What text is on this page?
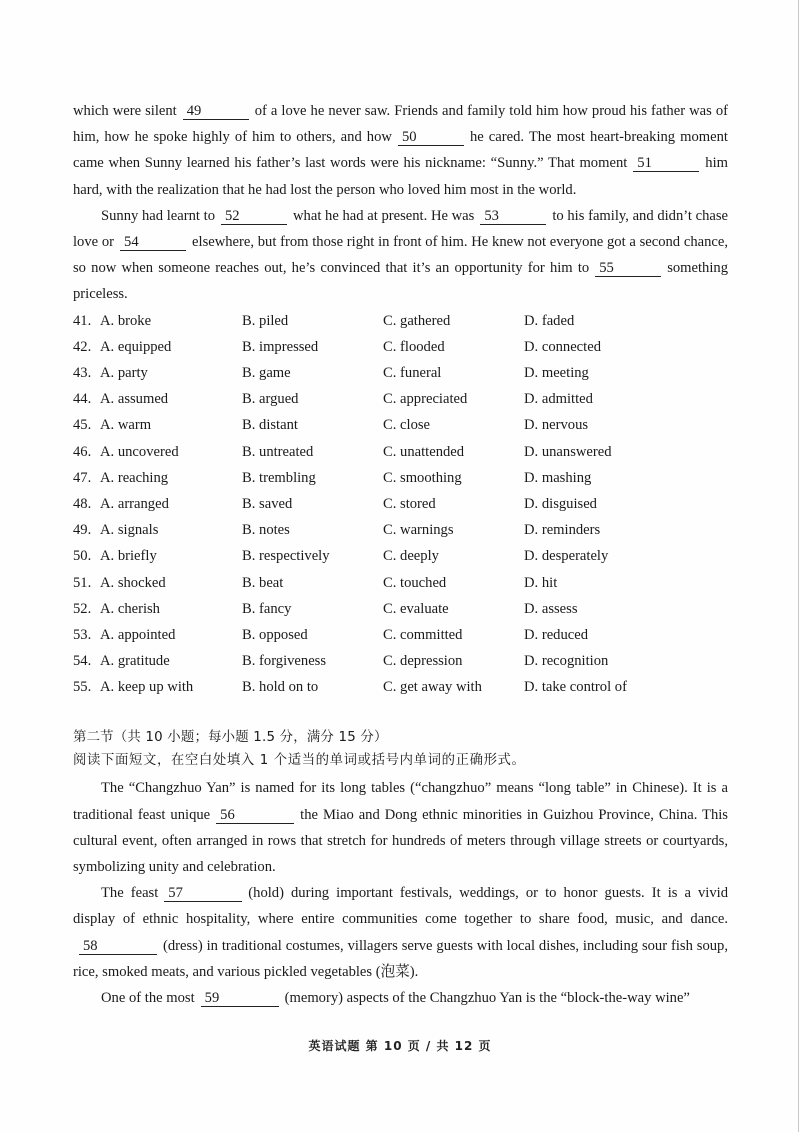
which were silent 49	of a love he never saw. Friends and family told him how proud his father was of him, how he spoke highly of him to others, and how 50	he cared. The most heart-breaking moment came when Sunny learned his father’s last words were his nickname: “Sunny.” That moment 51	him hard, with the realization that he had lost the person who loved him most in the world.

Sunny had learnt to 52	what he had at present. He was 53	to his family, and didn’t chase love or 54	elsewhere, but from those right in front of him. He knew not everyone got a second chance, so now when someone reaches out, he’s convinced that it’s an opportunity for him to 55	something priceless.

41. A. broke	B. piled	C. gathered	D. faded
42. A. equipped	B. impressed	C. flooded	D. connected
43. A. party	B. game	C. funeral	D. meeting
44. A. assumed	B. argued	C. appreciated	D. admitted
45. A. warm	B. distant	C. close	D. nervous
46. A. uncovered	B. untreated	C. unattended	D. unanswered
47. A. reaching	B. trembling	C. smoothing	D. mashing
48. A. arranged	B. saved	C. stored	D. disguised
49. A. signals	B. notes	C. warnings	D. reminders
50. A. briefly	B. respectively	C. deeply	D. desperately
51. A. shocked	B. beat	C. touched	D. hit
52. A. cherish	B. fancy	C. evaluate	D. assess
53. A. appointed	B. opposed	C. committed	D. reduced
54. A. gratitude	B. forgiveness	C. depression	D. recognition
55. A. keep up with	B. hold on to	C. get away with	D. take control of
第二节（共 10 小题；每小题 1.5 分，满分 15 分）
阅读下面短文，在空白处填入 1 个适当的单词或括号内单词的正确形式。

The “Changzhuo Yan” is named for its long tables (“changzhuo” means “long table” in Chinese). It is a traditional feast unique 56	the Miao and Dong ethnic minorities in Guizhou Province, China. This cultural event, often arranged in rows that stretch for hundreds of meters through village streets or courtyards, symbolizing unity and celebration.

The feast 57	(hold) during important festivals, weddings, or to honor guests. It is a vivid display of ethnic hospitality, where entire communities come together to share food, music, and dance.58	(dress) in traditional costumes, villagers serve guests with local dishes, including sour fish soup, rice, smoked meats, and various pickled vegetables (泡菜).

One of the most 59	(memory) aspects of the Changzhuo Yan is the “block-the-way wine”

英语试题 第 10 页 / 共 12 页
